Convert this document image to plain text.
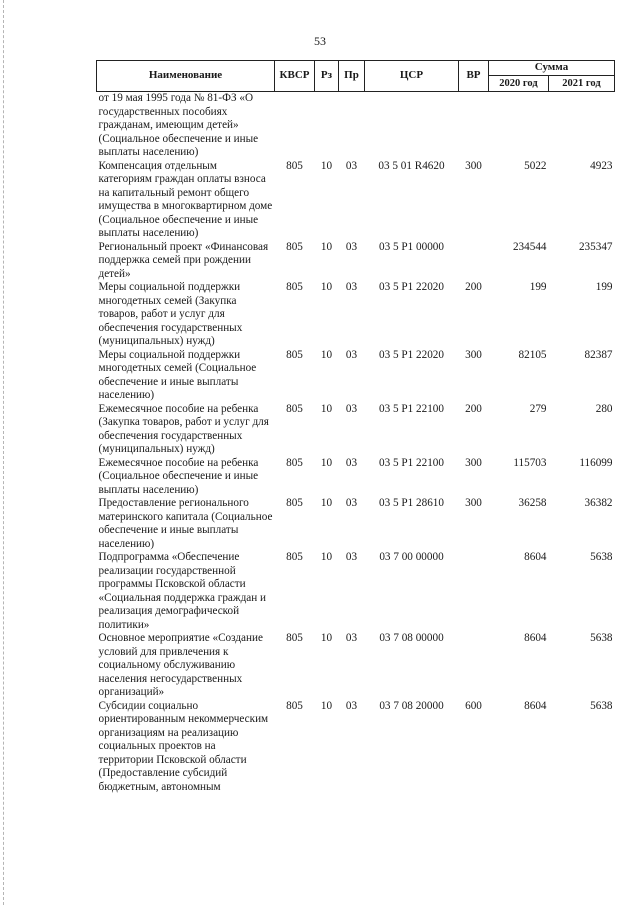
53
Наименование	КВСР	Рз	Пр	ЦСР	ВР	Сумма	
						2020 год	2021 год
от 19 мая 1995 года № 81-ФЗ «О государственных пособиях гражданам, имеющим детей» (Социальное обеспечение и иные выплаты населению)							
Компенсация отдельным категориям граждан оплаты взноса на капитальный ремонт общего имущества в многоквартирном доме (Социальное обеспечение и иные выплаты населению)	805	10	03	03 5 01 R4620	300	5022	4923
Региональный проект «Финансовая поддержка семей при рождении детей»	805	10	03	03 5 P1 00000		234544	235347
Меры социальной поддержки многодетных семей (Закупка товаров, работ и услуг для обеспечения государственных (муниципальных) нужд)	805	10	03	03 5 P1 22020	200	199	199
Меры социальной поддержки многодетных семей (Социальное обеспечение и иные выплаты населению)	805	10	03	03 5 P1 22020	300	82105	82387
Ежемесячное пособие на ребенка (Закупка товаров, работ и услуг для обеспечения государственных (муниципальных) нужд)	805	10	03	03 5 P1 22100	200	279	280
Ежемесячное пособие на ребенка (Социальное обеспечение и иные выплаты населению)	805	10	03	03 5 P1 22100	300	115703	116099
Предоставление регионального материнского капитала (Социальное обеспечение и иные выплаты населению)	805	10	03	03 5 P1 28610	300	36258	36382
Подпрограмма «Обеспечение реализации государственной программы Псковской области «Социальная поддержка граждан и реализация демографической политики»	805	10	03	03 7 00 00000		8604	5638
Основное мероприятие «Создание условий для привлечения к социальному обслуживанию населения негосударственных организаций»	805	10	03	03 7 08 00000		8604	5638
Субсидии социально ориентированным некоммерческим организациям на реализацию социальных проектов на территории Псковской области (Предоставление субсидий бюджетным, автономным	805	10	03	03 7 08 20000	600	8604	5638
